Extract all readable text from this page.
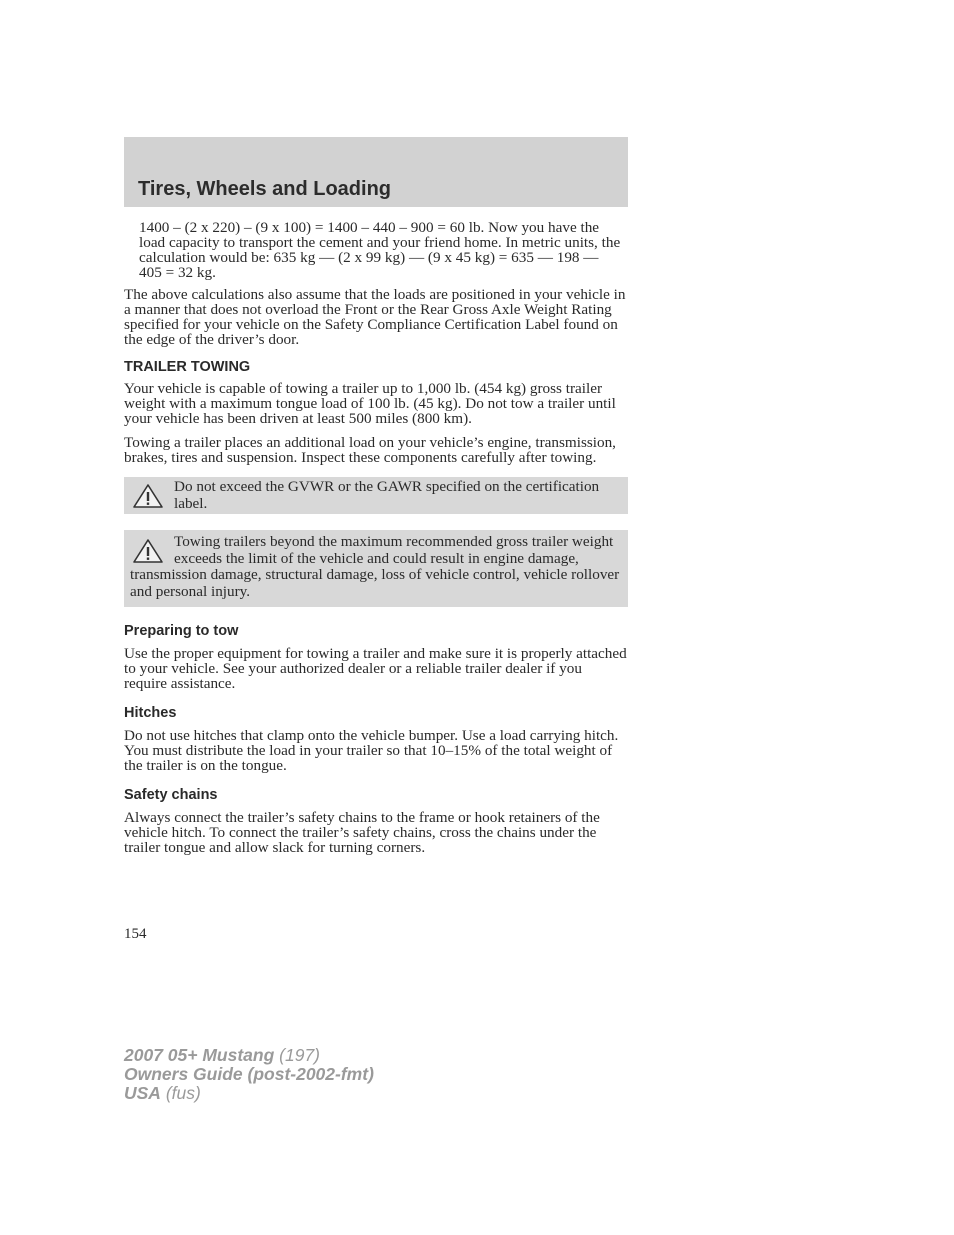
Tires, Wheels and Loading

1400 – (2 x 220) – (9 x 100) = 1400 – 440 – 900 = 60 lb. Now you have the load capacity to transport the cement and your friend home. In metric units, the calculation would be: 635 kg — (2 x 99 kg) — (9 x 45 kg) = 635 — 198 — 405 = 32 kg.

The above calculations also assume that the loads are positioned in your vehicle in a manner that does not overload the Front or the Rear Gross Axle Weight Rating specified for your vehicle on the Safety Compliance Certification Label found on the edge of the driver’s door.

TRAILER TOWING

Your vehicle is capable of towing a trailer up to 1,000 lb. (454 kg) gross trailer weight with a maximum tongue load of 100 lb. (45 kg). Do not tow a trailer until your vehicle has been driven at least 500 miles (800 km).

Towing a trailer places an additional load on your vehicle’s engine, transmission, brakes, tires and suspension. Inspect these components carefully after towing.

Do not exceed the GVWR or the GAWR specified on the certification label.

Towing trailers beyond the maximum recommended gross trailer weight exceeds the limit of the vehicle and could result in engine damage, transmission damage, structural damage, loss of vehicle control, vehicle rollover and personal injury.

Preparing to tow

Use the proper equipment for towing a trailer and make sure it is properly attached to your vehicle. See your authorized dealer or a reliable trailer dealer if you require assistance.

Hitches

Do not use hitches that clamp onto the vehicle bumper. Use a load carrying hitch. You must distribute the load in your trailer so that 10–15% of the total weight of the trailer is on the tongue.

Safety chains

Always connect the trailer’s safety chains to the frame or hook retainers of the vehicle hitch. To connect the trailer’s safety chains, cross the chains under the trailer tongue and allow slack for turning corners.

154
2007 05+ Mustang (197)
Owners Guide (post-2002-fmt)
USA (fus)
